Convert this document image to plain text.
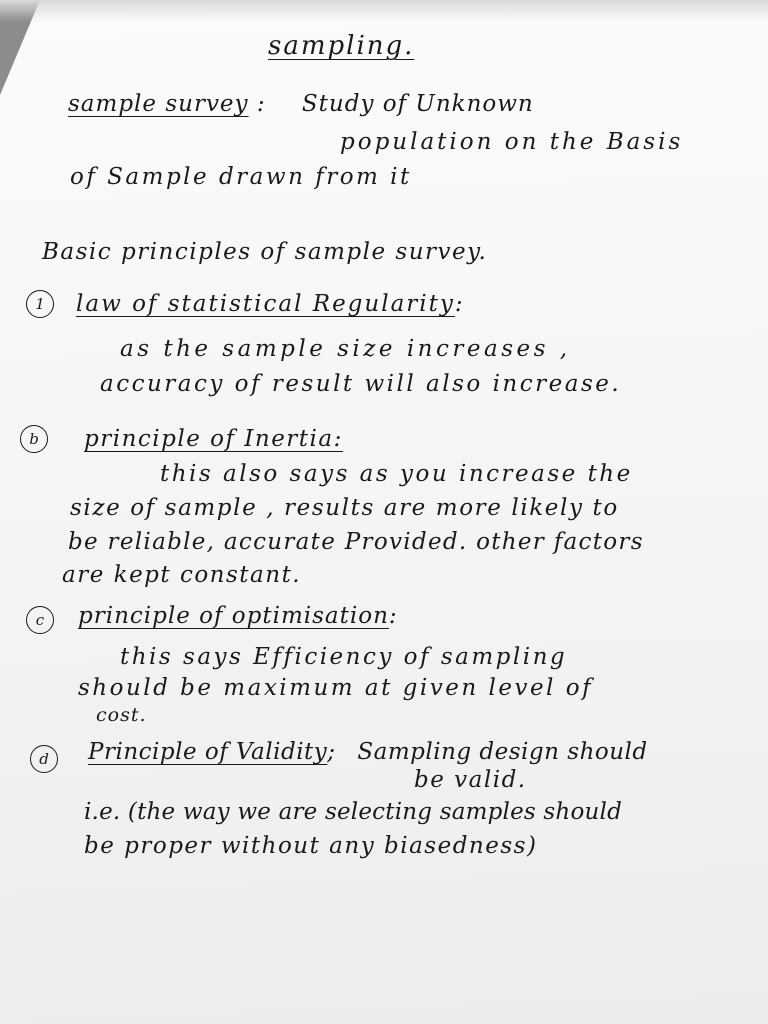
sampling.
sample survey : Study of Unknown
population on the Basis
of Sample drawn from it
Basic principles of sample survey.
1	law of statistical Regularity:
as the sample size increases ,
accuracy of result will also increase.
b	principle of Inertia:
this also says as you increase the
size of sample , results are more likely to
be reliable, accurate Provided. other factors
are kept constant.
c	principle of optimisation:
this says Efficiency of sampling
should be maximum at given level of
cost.
d	Principle of Validity; Sampling design should
be valid.
i.e. (the way we are selecting samples should
be proper without any biasedness)
